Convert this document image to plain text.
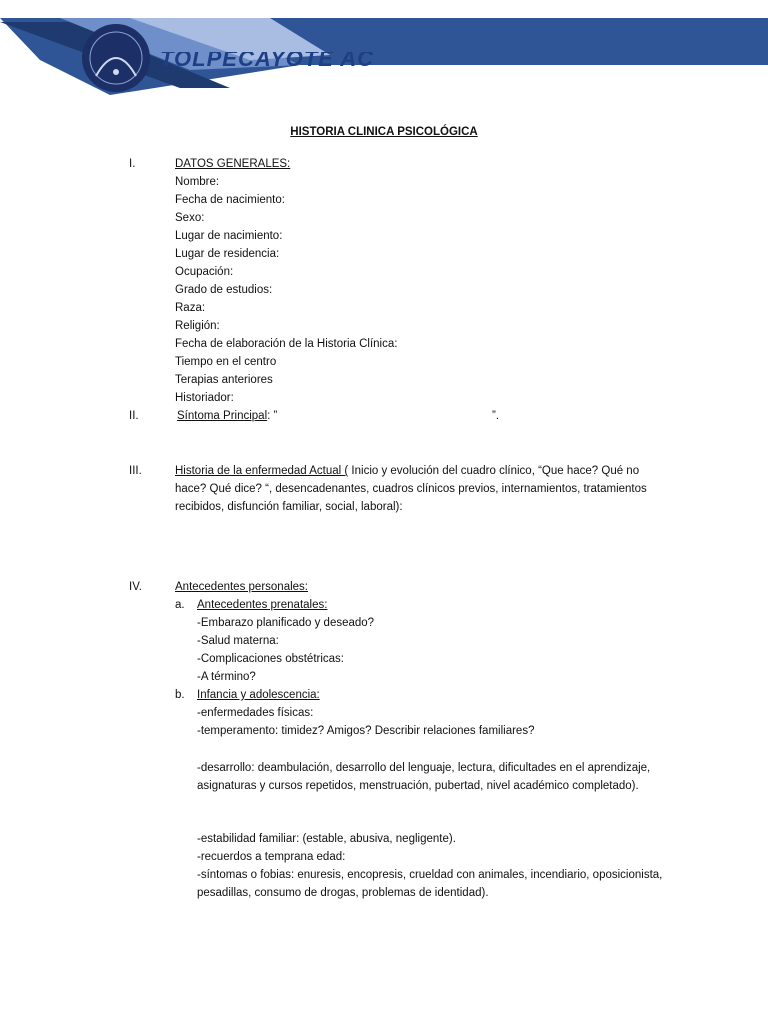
TOLPECAYOTE AC
HISTORIA CLINICA PSICOLÓGICA
I.	DATOS GENERALES:
Nombre:
Fecha de nacimiento:
Sexo:
Lugar de nacimiento:
Lugar de residencia:
Ocupación:
Grado de estudios:
Raza:
Religión:
Fecha de elaboración de la Historia Clínica:
Tiempo en el centro
Terapias anteriores
Historiador:
II.	Síntoma Principal: ”	”.
III.	Historia de la enfermedad Actual ( Inicio y evolución del cuadro clínico, “Que hace? Qué no
hace? Qué dice? “, desencadenantes, cuadros clínicos previos, internamientos, tratamientos
recibidos, disfunción familiar, social, laboral):
IV.	Antecedentes personales:
a. Antecedentes prenatales:
-Embarazo planificado y deseado?
-Salud materna:
-Complicaciones obstétricas:
-A término?
b. Infancia y adolescencia:
-enfermedades físicas:
-temperamento: timidez? Amigos? Describir relaciones familiares?
-desarrollo: deambulación, desarrollo del lenguaje, lectura, dificultades en el aprendizaje,
asignaturas y cursos repetidos, menstruación, pubertad, nivel académico completado).
-estabilidad familiar: (estable, abusiva, negligente).
-recuerdos a temprana edad:
-síntomas o fobias: enuresis, encopresis, crueldad con animales, incendiario, oposicionista,
pesadillas, consumo de drogas, problemas de identidad).
